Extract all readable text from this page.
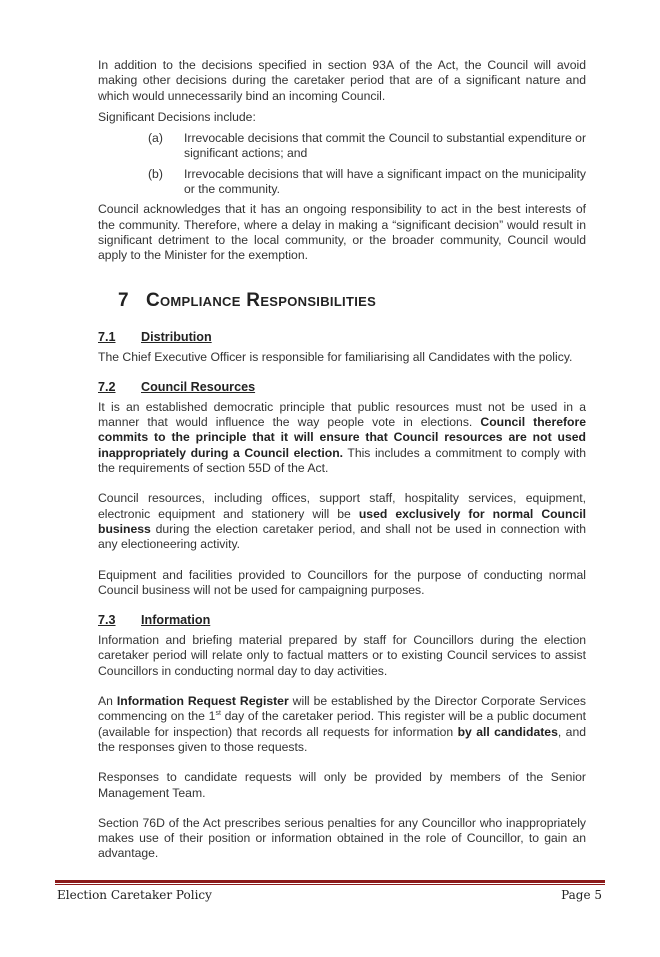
In addition to the decisions specified in section 93A of the Act, the Council will avoid making other decisions during the caretaker period that are of a significant nature and which would unnecessarily bind an incoming Council.

Significant Decisions include:

(a)	Irrevocable decisions that commit the Council to substantial expenditure or significant actions; and
(b)	Irrevocable decisions that will have a significant impact on the municipality or the community.

Council acknowledges that it has an ongoing responsibility to act in the best interests of the community. Therefore, where a delay in making a “significant decision” would result in significant detriment to the local community, or the broader community, Council would apply to the Minister for the exemption.

7 Compliance Responsibilities
7.1 Distribution

The Chief Executive Officer is responsible for familiarising all Candidates with the policy.

7.2 Council Resources

It is an established democratic principle that public resources must not be used in a manner that would influence the way people vote in elections. Council therefore commits to the principle that it will ensure that Council resources are not used inappropriately during a Council election. This includes a commitment to comply with the requirements of section 55D of the Act.

Council resources, including offices, support staff, hospitality services, equipment, electronic equipment and stationery will be used exclusively for normal Council business during the election caretaker period, and shall not be used in connection with any electioneering activity.

Equipment and facilities provided to Councillors for the purpose of conducting normal Council business will not be used for campaigning purposes.

7.3 Information

Information and briefing material prepared by staff for Councillors during the election caretaker period will relate only to factual matters or to existing Council services to assist Councillors in conducting normal day to day activities.

An Information Request Register will be established by the Director Corporate Services commencing on the 1st day of the caretaker period. This register will be a public document (available for inspection) that records all requests for information by all candidates, and the responses given to those requests.

Responses to candidate requests will only be provided by members of the Senior Management Team.

Section 76D of the Act prescribes serious penalties for any Councillor who inappropriately makes use of their position or information obtained in the role of Councillor, to gain an advantage.

Election Caretaker Policy	Page 5
